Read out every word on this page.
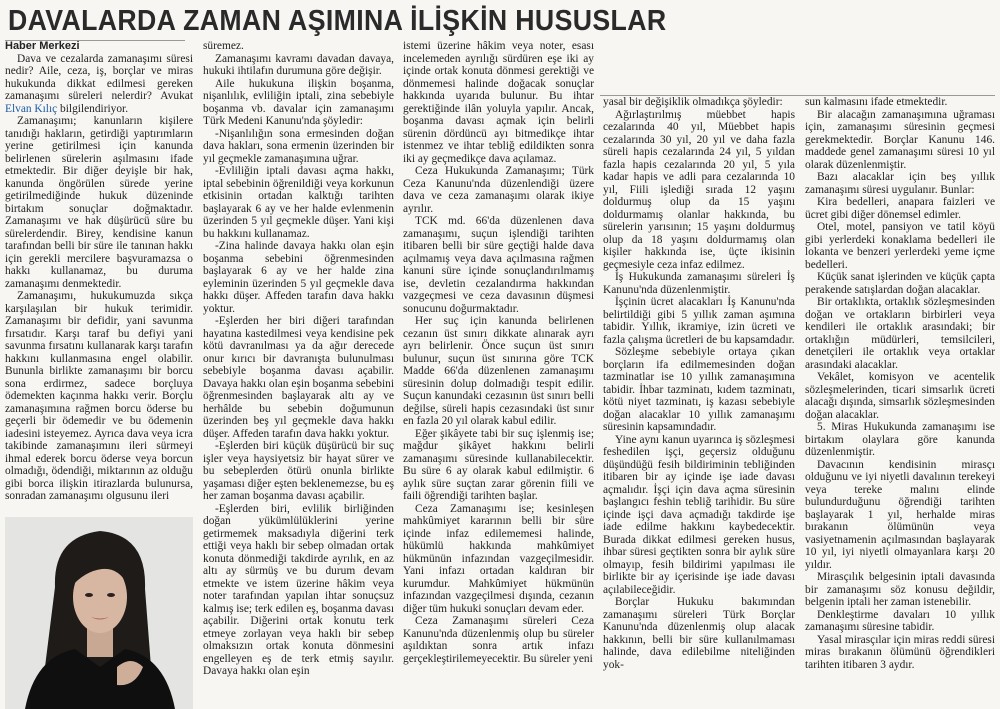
DAVALARDA ZAMAN AŞIMINA İLİŞKİN HUSUSLAR

Haber Merkezi

Dava ve cezalarda zamanaşımı süresi nedir? Aile, ceza, iş, borçlar ve miras hukukunda dikkat edilmesi gereken zamanaşımı süreleri nelerdir? Avukat Elvan Kılıç bilgilendiriyor.

Zamanaşımı; kanunların kişilere tanıdığı hakların, getirdiği yaptırımların yerine getirilmesi için kanunda belirlenen sürelerin aşılmasını ifade etmektedir. Bir diğer deyişle bir hak, kanunda öngörülen sürede yerine getirilmediğinde hukuk düzeninde birtakım sonuçlar doğmaktadır. Zamanaşımı ve hak düşürücü süre bu sürelerdendir. Birey, kendisine kanun tarafından belli bir süre ile tanınan hakkı için gerekli mercilere başvuramazsa o hakkı kullanamaz, bu duruma zamanaşımı denmektedir.

Zamanaşımı, hukukumuzda sıkça karşılaşılan bir hukuk terimidir. Zamanaşımı bir defidir, yani savunma fırsatıdır. Karşı taraf bu defiyi yani savunma fırsatını kullanarak karşı tarafın hakkını kullanmasına engel olabilir. Bununla birlikte zamanaşımı bir borcu sona erdirmez, sadece borçluya ödemekten kaçınma hakkı verir. Borçlu zamanaşımına rağmen borcu öderse bu geçerli bir ödemedir ve bu ödemenin iadesini isteyemez. Ayrıca dava veya icra takibinde zamanaşımını ileri sürmeyi ihmal ederek borcu öderse veya borcun olmadığı, ödendiği, miktarının az olduğu gibi borca ilişkin itirazlarda bulunursa, sonradan zamanaşımı olgusunu ileri

süremez.

Zamanaşımı kavramı davadan davaya, hukuki ihtilafın durumuna göre değişir.

Aile hukukuna ilişkin boşanma, nişanlılık, evliliğin iptali, zina sebebiyle boşanma vb. davalar için zamanaşımı Türk Medeni Kanunu'nda şöyledir:

-Nişanlılığın sona ermesinden doğan dava hakları, sona ermenin üzerinden bir yıl geçmekle zamanaşımına uğrar.

-Evliliğin iptali davası açma hakkı, iptal sebebinin öğrenildiği veya korkunun etkisinin ortadan kalktığı tarihten başlayarak 6 ay ve her halde evlenmenin üzerinden 5 yıl geçmekle düşer. Yani kişi bu hakkını kullanamaz.

-Zina halinde davaya hakkı olan eşin boşanma sebebini öğrenmesinden başlayarak 6 ay ve her halde zina eyleminin üzerinden 5 yıl geçmekle dava hakkı düşer. Affeden tarafın dava hakkı yoktur.

-Eşlerden her biri diğeri tarafından hayatına kastedilmesi veya kendisine pek kötü davranılması ya da ağır derecede onur kırıcı bir davranışta bulunulması sebebiyle boşanma davası açabilir. Davaya hakkı olan eşin boşanma sebebini öğrenmesinden başlayarak altı ay ve herhâlde bu sebebin doğumunun üzerinden beş yıl geçmekle dava hakkı düşer. Affeden tarafın dava hakkı yoktur.

-Eşlerden biri küçük düşürücü bir suç işler veya haysiyetsiz bir hayat sürer ve bu sebeplerden ötürü onunla birlikte yaşaması diğer eşten beklenemezse, bu eş her zaman boşanma davası açabilir.

-Eşlerden biri, evlilik birliğinden doğan yükümlülüklerini yerine getirmemek maksadıyla diğerini terk ettiği veya haklı bir sebep olmadan ortak konuta dönmediği takdirde ayrılık, en az altı ay sürmüş ve bu durum devam etmekte ve istem üzerine hâkim veya noter tarafından yapılan ihtar sonuçsuz kalmış ise; terk edilen eş, boşanma davası açabilir. Diğerini ortak konutu terk etmeye zorlayan veya haklı bir sebep olmaksızın ortak konuta dönmesini engelleyen eş de terk etmiş sayılır. Davaya hakkı olan eşin

istemi üzerine hâkim veya noter, esası incelemeden ayrılığı sürdüren eşe iki ay içinde ortak konuta dönmesi gerektiği ve dönmemesi halinde doğacak sonuçlar hakkında uyarıda bulunur. Bu ihtar gerektiğinde ilân yoluyla yapılır. Ancak, boşanma davası açmak için belirli sürenin dördüncü ayı bitmedikçe ihtar istenmez ve ihtar tebliğ edildikten sonra iki ay geçmedikçe dava açılamaz.

Ceza Hukukunda Zamanaşımı; Türk Ceza Kanunu'nda düzenlendiği üzere dava ve ceza zamanaşımı olarak ikiye ayrılır.

TCK md. 66'da düzenlenen dava zamanaşımı, suçun işlendiği tarihten itibaren belli bir süre geçtiği halde dava açılmamış veya dava açılmasına rağmen kanuni süre içinde sonuçlandırılmamış ise, devletin cezalandırma hakkından vazgeçmesi ve ceza davasının düşmesi sonucunu doğurmaktadır.

Her suç için kanunda belirlenen cezanın üst sınırı dikkate alınarak ayrı ayrı belirlenir. Önce suçun üst sınırı bulunur, suçun üst sınırına göre TCK Madde 66'da düzenlenen zamanaşımı süresinin dolup dolmadığı tespit edilir. Suçun kanundaki cezasının üst sınırı belli değilse, süreli hapis cezasındaki üst sınır en fazla 20 yıl olarak kabul edilir.

Eğer şikâyete tabi bir suç işlenmiş ise; mağdur şikâyet hakkını belirli zamanaşımı süresinde kullanabilecektir. Bu süre 6 ay olarak kabul edilmiştir. 6 aylık süre suçtan zarar görenin fiili ve faili öğrendiği tarihten başlar.

Ceza Zamanaşımı ise; kesinleşen mahkûmiyet kararının belli bir süre içinde infaz edilememesi halinde, hükümlü hakkında mahkûmiyet hükmünün infazından vazgeçilmesidir. Yani infazı ortadan kaldıran bir kurumdur. Mahkûmiyet hükmünün infazından vazgeçilmesi dışında, cezanın diğer tüm hukuki sonuçları devam eder.

Ceza Zamanaşımı süreleri Ceza Kanunu'nda düzenlenmiş olup bu süreler aşıldıktan sonra artık infazı gerçekleştirilemeyecektir. Bu süreler yeni

yasal bir değişiklik olmadıkça şöyledir:

Ağırlaştırılmış müebbet hapis cezalarında 40 yıl, Müebbet hapis cezalarında 30 yıl, 20 yıl ve daha fazla süreli hapis cezalarında 24 yıl, 5 yıldan fazla hapis cezalarında 20 yıl, 5 yıla kadar hapis ve adli para cezalarında 10 yıl, Fiili işlediği sırada 12 yaşını doldurmuş olup da 15 yaşını doldurmamış olanlar hakkında, bu sürelerin yarısının; 15 yaşını doldurmuş olup da 18 yaşını doldurmamış olan kişiler hakkında ise, üçte ikisinin geçmesiyle ceza infaz edilmez.

İş Hukukunda zamanaşımı süreleri İş Kanunu'nda düzenlenmiştir.

İşçinin ücret alacakları İş Kanunu'nda belirtildiği gibi 5 yıllık zaman aşımına tabidir. Yıllık, ikramiye, izin ücreti ve fazla çalışma ücretleri de bu kapsamdadır.

Sözleşme sebebiyle ortaya çıkan borçların ifa edilmemesinden doğan tazminatlar ise 10 yıllık zamanaşımına tabidir. İhbar tazminatı, kıdem tazminatı, kötü niyet tazminatı, iş kazası sebebiyle doğan alacaklar 10 yıllık zamanaşımı süresinin kapsamındadır.

Yine aynı kanun uyarınca iş sözleşmesi feshedilen işçi, geçersiz olduğunu düşündüğü fesih bildiriminin tebliğinden itibaren bir ay içinde işe iade davası açmalıdır. İşçi için dava açma süresinin başlangıcı feshin tebliğ tarihidir. Bu süre içinde işçi dava açmadığı takdirde işe iade edilme hakkını kaybedecektir. Burada dikkat edilmesi gereken husus, ihbar süresi geçtikten sonra bir aylık süre olmayıp, fesih bildirimi yapılması ile birlikte bir ay içerisinde işe iade davası açılabileceğidir.

Borçlar Hukuku bakımından zamanaşımı süreleri Türk Borçlar Kanunu'nda düzenlenmiş olup alacak hakkının, belli bir süre kullanılmaması halinde, dava edilebilme niteliğinden yok-

sun kalmasını ifade etmektedir.

Bir alacağın zamanaşımına uğraması için, zamanaşımı süresinin geçmesi gerekmektedir. Borçlar Kanunu 146. maddede genel zamanaşımı süresi 10 yıl olarak düzenlenmiştir.

Bazı alacaklar için beş yıllık zamanaşımı süresi uygulanır. Bunlar:

Kira bedelleri, anapara faizleri ve ücret gibi diğer dönemsel edimler.

Otel, motel, pansiyon ve tatil köyü gibi yerlerdeki konaklama bedelleri ile lokanta ve benzeri yerlerdeki yeme içme bedelleri.

Küçük sanat işlerinden ve küçük çapta perakende satışlardan doğan alacaklar.

Bir ortaklıkta, ortaklık sözleşmesinden doğan ve ortakların birbirleri veya kendileri ile ortaklık arasındaki; bir ortaklığın müdürleri, temsilcileri, denetçileri ile ortaklık veya ortaklar arasındaki alacaklar.

Vekâlet, komisyon ve acentelik sözleşmelerinden, ticari simsarlık ücreti alacağı dışında, simsarlık sözleşmesinden doğan alacaklar.

5. Miras Hukukunda zamanaşımı ise birtakım olaylara göre kanunda düzenlenmiştir.

Davacının kendisinin mirasçı olduğunu ve iyi niyetli davalının terekeyi veya tereke malını elinde bulundurduğunu öğrendiği tarihten başlayarak 1 yıl, herhalde miras bırakanın ölümünün veya vasiyetnamenin açılmasından başlayarak 10 yıl, iyi niyetli olmayanlara karşı 20 yıldır.

Mirasçılık belgesinin iptali davasında bir zamanaşımı söz konusu değildir, belgenin iptali her zaman istenebilir.

Denkleştirme davaları 10 yıllık zamanaşımı süresine tabidir.

Yasal mirasçılar için miras reddi süresi miras bırakanın ölümünü öğrendikleri tarihten itibaren 3 aydır.
